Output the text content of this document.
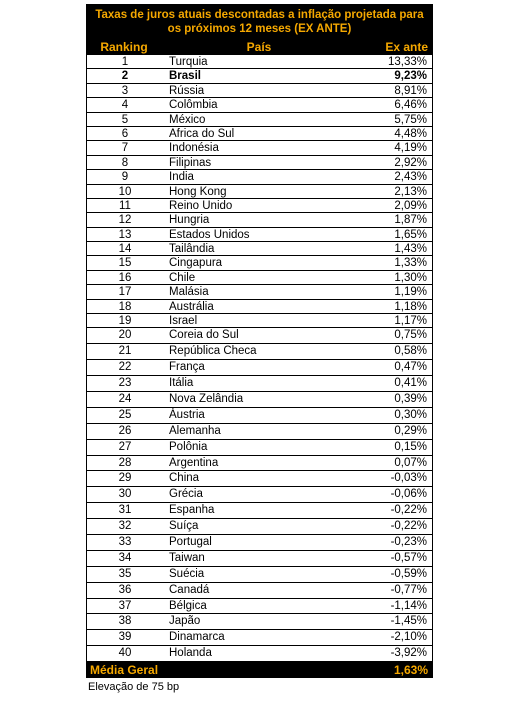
Taxas de juros atuais descontadas a inflação projetada para os próximos 12 meses (EX ANTE)
Ranking	País	Ex ante
1	Turquia	13,33%
2	Brasil	9,23%
3	Rússia	8,91%
4	Colômbia	6,46%
5	México	5,75%
6	Africa do Sul	4,48%
7	Indonésia	4,19%
8	Filipinas	2,92%
9	India	2,43%
10	Hong Kong	2,13%
11	Reino Unido	2,09%
12	Hungria	1,87%
13	Estados Unidos	1,65%
14	Tailândia	1,43%
15	Cingapura	1,33%
16	Chile	1,30%
17	Malásia	1,19%
18	Austrália	1,18%
19	Israel	1,17%
20	Coreia do Sul	0,75%
21	República Checa	0,58%
22	França	0,47%
23	Itália	0,41%
24	Nova Zelândia	0,39%
25	Áustria	0,30%
26	Alemanha	0,29%
27	Polônia	0,15%
28	Argentina	0,07%
29	China	-0,03%
30	Grécia	-0,06%
31	Espanha	-0,22%
32	Suíça	-0,22%
33	Portugal	-0,23%
34	Taiwan	-0,57%
35	Suécia	-0,59%
36	Canadá	-0,77%
37	Bélgica	-1,14%
38	Japão	-1,45%
39	Dinamarca	-2,10%
40	Holanda	-3,92%
Média Geral	1,63%
Elevação de 75 bp
